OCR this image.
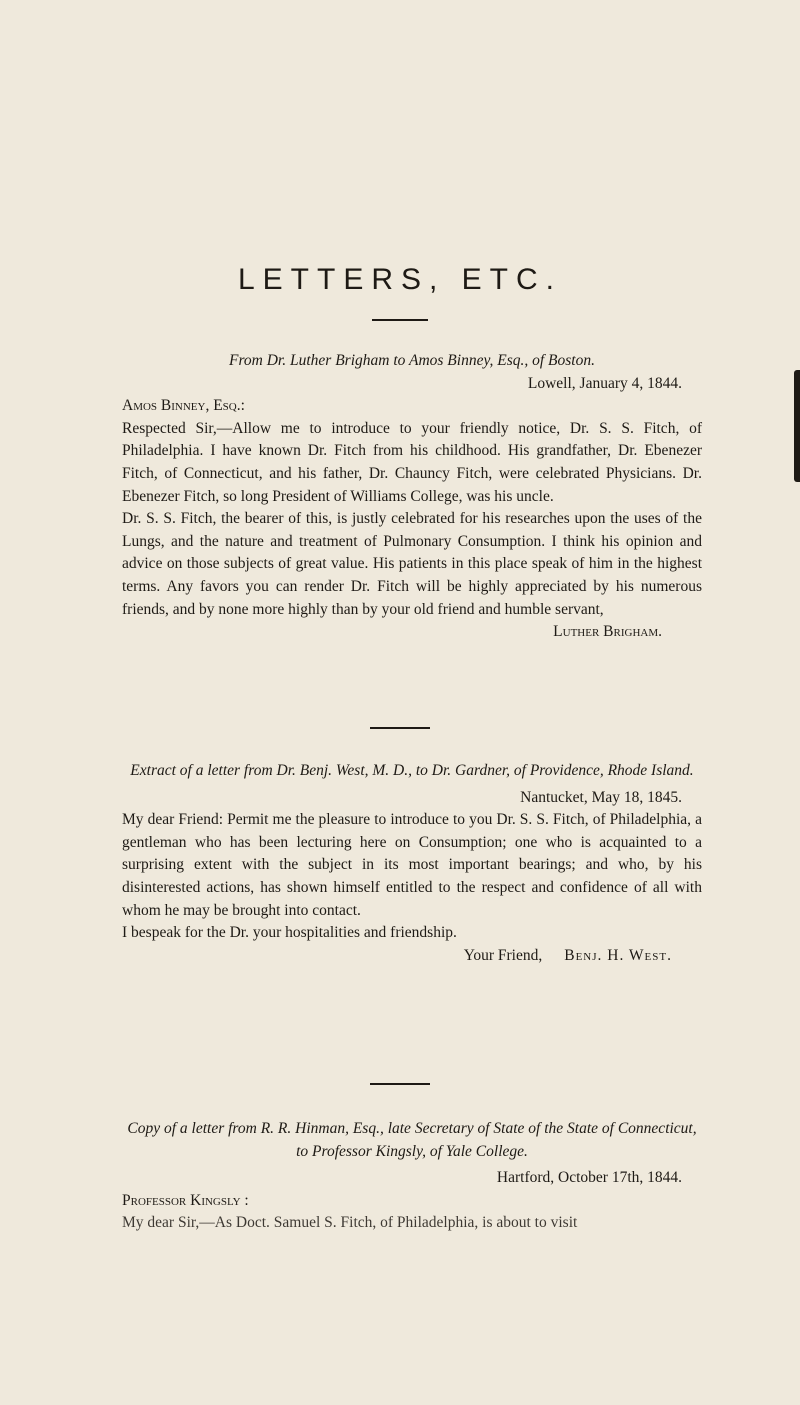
LETTERS, ETC.

From Dr. Luther Brigham to Amos Binney, Esq., of Boston.

Lowell, January 4, 1844.

Amos Binney, Esq.:

Respected Sir,—Allow me to introduce to your friendly notice, Dr. S. S. Fitch, of Philadelphia. I have known Dr. Fitch from his childhood. His grandfather, Dr. Ebenezer Fitch, of Connecticut, and his father, Dr. Chauncy Fitch, were celebrated Physicians. Dr. Ebenezer Fitch, so long President of Williams College, was his uncle.

Dr. S. S. Fitch, the bearer of this, is justly celebrated for his researches upon the uses of the Lungs, and the nature and treatment of Pulmonary Consumption. I think his opinion and advice on those subjects of great value. His patients in this place speak of him in the highest terms. Any favors you can render Dr. Fitch will be highly appreciated by his numerous friends, and by none more highly than by your old friend and humble servant,

Luther Brigham.

Extract of a letter from Dr. Benj. West, M. D., to Dr. Gardner, of Providence, Rhode Island.

Nantucket, May 18, 1845.

My dear Friend: Permit me the pleasure to introduce to you Dr. S. S. Fitch, of Philadelphia, a gentleman who has been lecturing here on Consumption; one who is acquainted to a surprising extent with the subject in its most important bearings; and who, by his disinterested actions, has shown himself entitled to the respect and confidence of all with whom he may be brought into contact.

I bespeak for the Dr. your hospitalities and friendship.

Your Friend, Benj. H. West.

Copy of a letter from R. R. Hinman, Esq., late Secretary of State of the State of Connecticut, to Professor Kingsly, of Yale College.

Hartford, October 17th, 1844.

Professor Kingsly :

My dear Sir,—As Doct. Samuel S. Fitch, of Philadelphia, is about to visit
